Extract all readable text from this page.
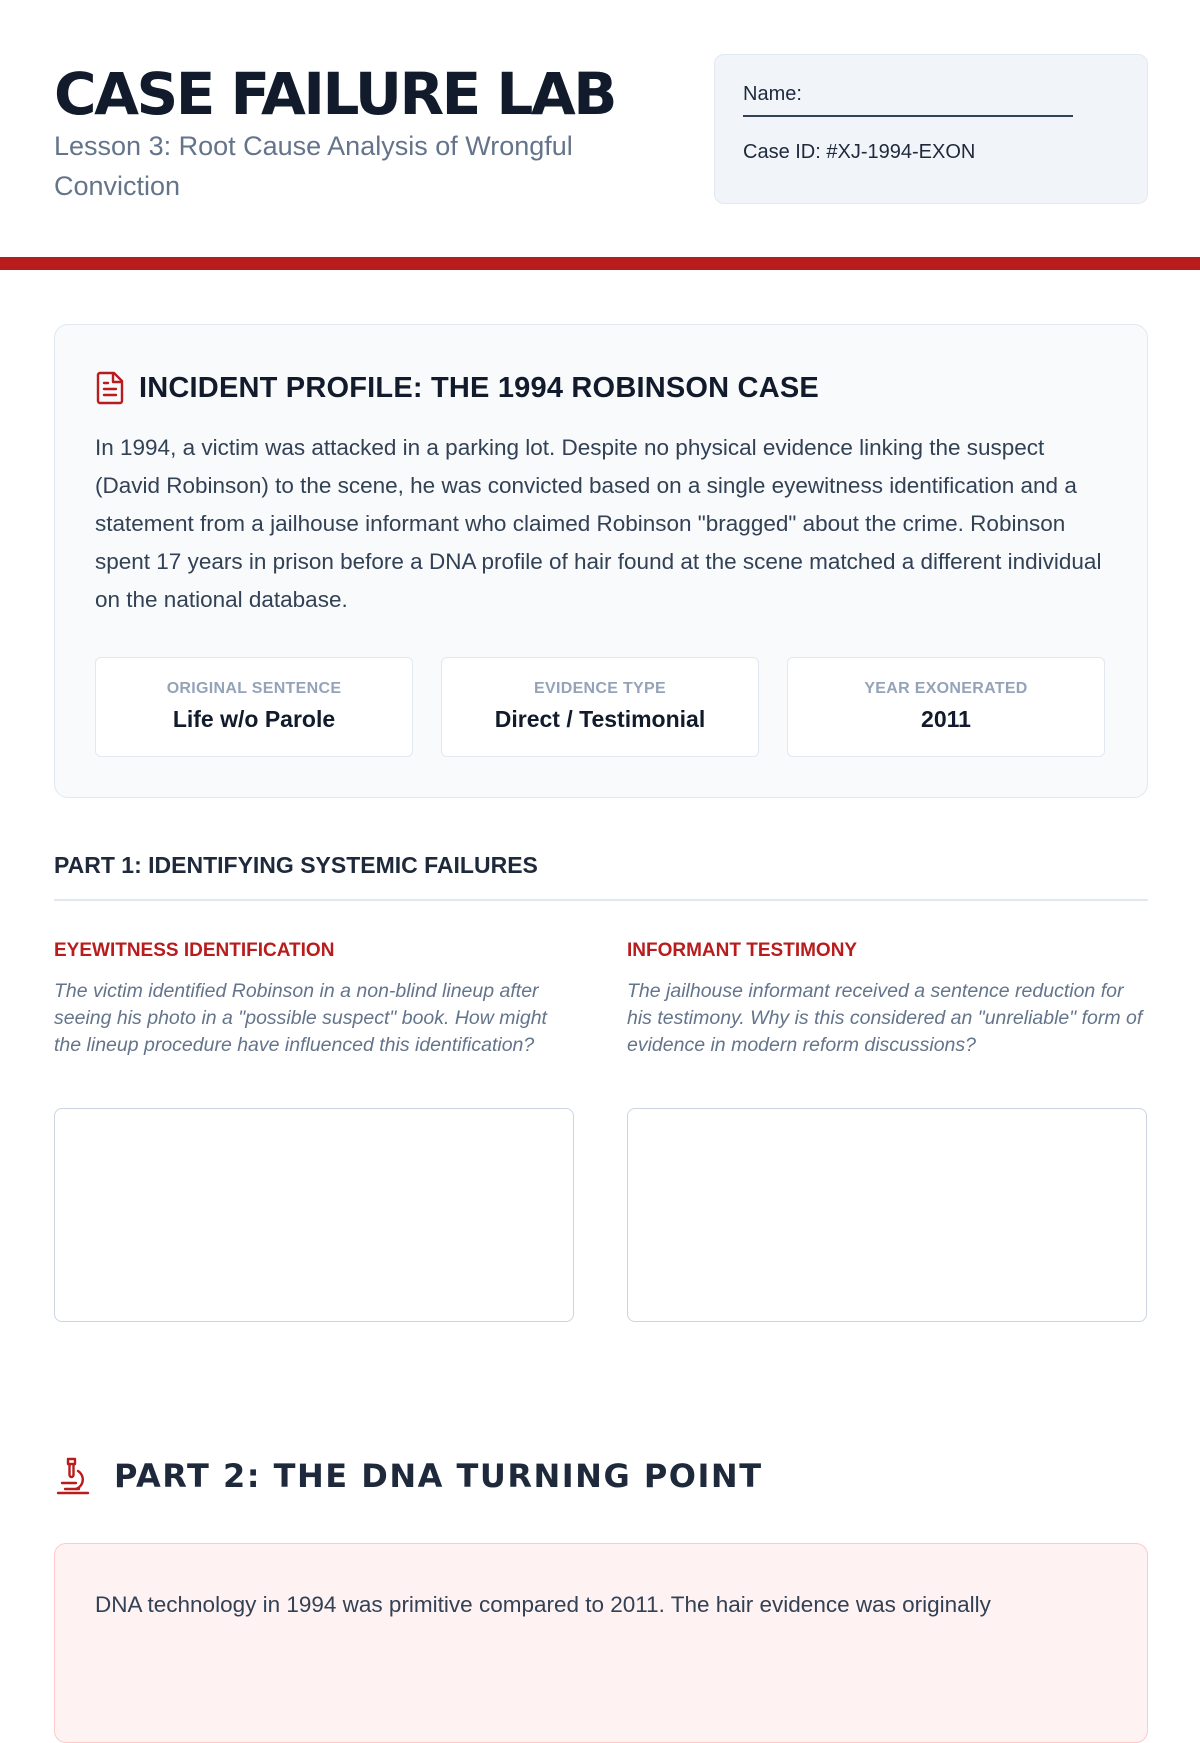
CASE FAILURE LAB
Lesson 3: Root Cause Analysis of Wrongful Conviction
Name:
Case ID: #XJ-1994-EXON
INCIDENT PROFILE: THE 1994 ROBINSON CASE

In 1994, a victim was attacked in a parking lot. Despite no physical evidence linking the suspect (David Robinson) to the scene, he was convicted based on a single eyewitness identification and a statement from a jailhouse informant who claimed Robinson "bragged" about the crime. Robinson spent 17 years in prison before a DNA profile of hair found at the scene matched a different individual on the national database.

ORIGINAL SENTENCE
Life w/o Parole
EVIDENCE TYPE
Direct / Testimonial
YEAR EXONERATED
2011
PART 1: IDENTIFYING SYSTEMIC FAILURES
EYEWITNESS IDENTIFICATION

The victim identified Robinson in a non-blind lineup after seeing his photo in a "possible suspect" book. How might the lineup procedure have influenced this identification?

INFORMANT TESTIMONY

The jailhouse informant received a sentence reduction for his testimony. Why is this considered an "unreliable" form of evidence in modern reform discussions?

PART 2: THE DNA TURNING POINT

DNA technology in 1994 was primitive compared to 2011. The hair evidence was originally
